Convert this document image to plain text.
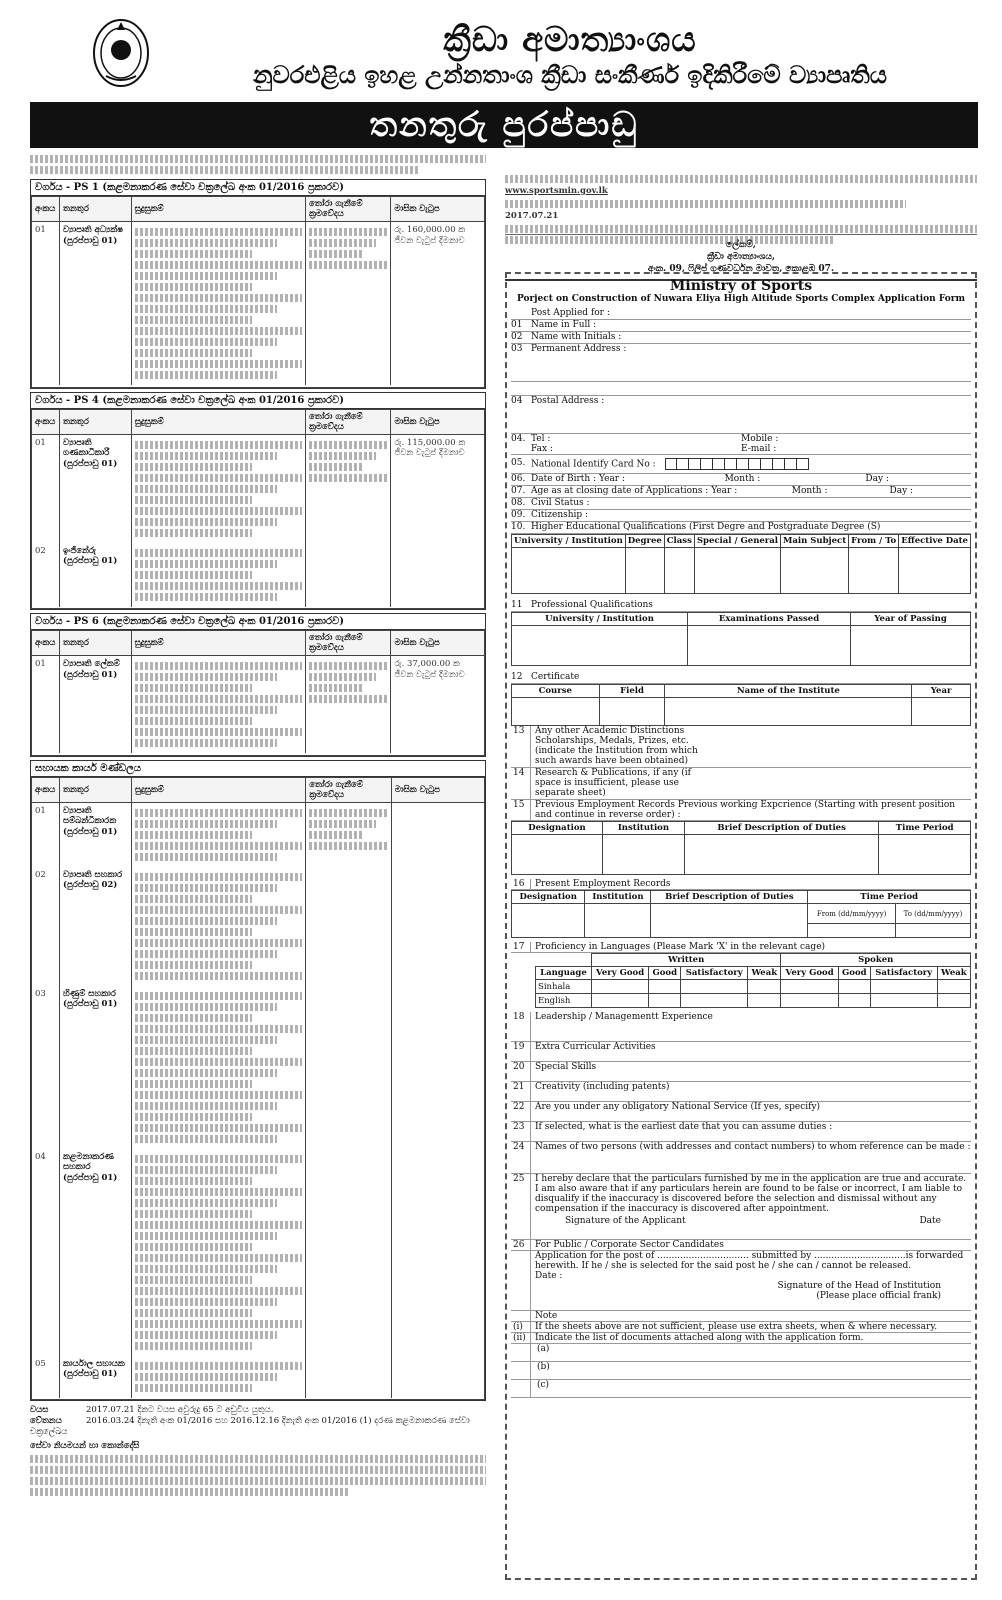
ක්‍රීඩා අමාත්‍යාංශය
නුවරඑළිය ඉහළ උන්නතාංශ ක්‍රීඩා සංකීර්ණ ඉදිකිරීමේ ව්‍යාපෘතිය
තනතුරු පුරප්පාඩු
වර්ගය - PS 1 (කළමනාකරණ සේවා චක්‍රලේඛ අංක 01/2016 ප්‍රකාරව)
අංකය	තනතුර	සුදුසුකම්	තෝරා ගැනීමේ ක්‍රමවේදය	මාසික වැටුප
01	ව්‍යාපෘති අධ්‍යක්ෂ (පුරප්පාඩු 01)			රු. 160,000.00 ක ජීවන වැටුප් දීමනාව

වර්ගය - PS 4 (කළමනාකරණ සේවා චක්‍රලේඛ අංක 01/2016 ප්‍රකාරව)
අංකය	තනතුර	සුදුසුකම්	තෝරා ගැනීමේ ක්‍රමවේදය	මාසික වැටුප
01	ව්‍යාපෘති ගණකාධිකාරී (පුරප්පාඩු 01)			රු. 115,000.00 ක ජීවන වැටුප් දීමනාව
02	ඉංජිනේරු (පුරප්පාඩු 01)	

වර්ගය - PS 6 (කළමනාකරණ සේවා චක්‍රලේඛ අංක 01/2016 ප්‍රකාරව)
අංකය	තනතුර	සුදුසුකම්	තෝරා ගැනීමේ ක්‍රමවේදය	මාසික වැටුප
01	ව්‍යාපෘති ලේකම් (පුරප්පාඩු 01)			රු. 37,000.00 ක ජීවන වැටුප් දීමනාව

සහායක කාර්ය මණ්ඩලය
අංකය	තනතුර	සුදුසුකම්	තෝරා ගැනීමේ ක්‍රමවේදය	මාසික වැටුප
01	ව්‍යාපෘති සම්බන්ධීකාරක (පුරප්පාඩු 01)	

02	ව්‍යාපෘති සහකාර (පුරප්පාඩු 02)	

03	හිණුම් සහකාර (පුරප්පාඩු 01)	

04	කළමනාකරණ සහකාර (පුරප්පාඩු 01)	

05	කාර්යාල සහායක (පුරප්පාඩු 01)	

වයස	2017.07.21 දිනට වයස අවුරුදු 65 ට අඩුවිය යුතුය.
වේතනය	2016.03.24 දිනැති අංක 01/2016 සහ 2016.12.16 දිනැති අංක 01/2016 (1) දරණ කළමනාකරණ සේවා චක්‍රලේඛය
සේවා නියමයන් හා කොන්දේසි
www.sportsmin.gov.lk
2017.07.21
ලේකම්,
ක්‍රීඩා අමාත්‍යාංශය,
අංක. 09, ෆිලිප් ගුණවර්ධන මාවත, කොළඹ 07.
Ministry of Sports
Porject on Construction of Nuwara Eliya High Altitude Sports Complex Application Form
Post Applied for :
01 Name in Full :
02 Name with Initials :
03 Permanent Address :
04 Postal Address :
04. Tel :
Fax :
Mobile :
E-mail :
05. National Identify Card No :
06. Date of Birth : Year :	Month :	Day :
07. Age as at closing date of Applications : Year :	Month :	Day :
08. Civil Status :
09. Citizenship :
10. Higher Educational Qualifications (First Degre and Postgraduate Degree (S)
University / Institution	Degree	Class	Special / General	Main Subject	From / To	Effective Date

11 Professional Qualifications
University / Institution	Examinations Passed	Year of Passing

12 Certificate
Course	Field	Name of the Institute	Year

13	Any other Academic Distinctions Scholarships, Medals, Prizes, etc. (indicate the Institution from which such awards have been obtained)
14	Research & Publications, if any (if space is insufficient, please use separate sheet)
15	Previous Employment Records Previous working Expcrience (Starting with present position and continue in reverse order) :
Designation	Institution	Brief Description of Duties	Time Period

16	Present Employment Records
Designation	Institution	Brief Description of Duties	Time Period	
			From (dd/mm/yyyy)	To (dd/mm/yyyy)

17	Proficiency in Languages (Please Mark 'X' in the relevant cage)
	Written				Spoken			
Language	Very Good	Good	Satisfactory	Weak	Very Good	Good	Satisfactory	Weak
Sinhala								
English								
18	Leadership / Managementt Experience
19	Extra Curricular Activities
20	Special Skills
21	Creativity (including patents)
22	Are you under any obligatory National Service (If yes, specify)
23	If selected, what is the earliest date that you can assume duties :
24	Names of two persons (with addresses and contact numbers) to whom reference can be made :
25	I hereby declare that the particulars furnished by me in the application are true and accurate. I am also aware that if any particulars herein are found to be false or incorrect, I am liable to disqualify if the inaccuracy is discovered before the selection and dismissal without any compensation if the inaccuracy is discovered after appointment.
Signature of the Applicant	Date
26	For Public / Corporate Sector Candidates
Application for the post of ................................ submitted by ................................is forwarded herewith. If he / she is selected for the said post he / she can / cannot be released.
Date :
Signature of the Head of Institution
(Please place official frank)
Note
(i)	If the sheets above are not sufficient, please use extra sheets, when & where necessary.
(ii)	Indicate the list of documents attached along with the application form.
(a)
(b)
(c)
